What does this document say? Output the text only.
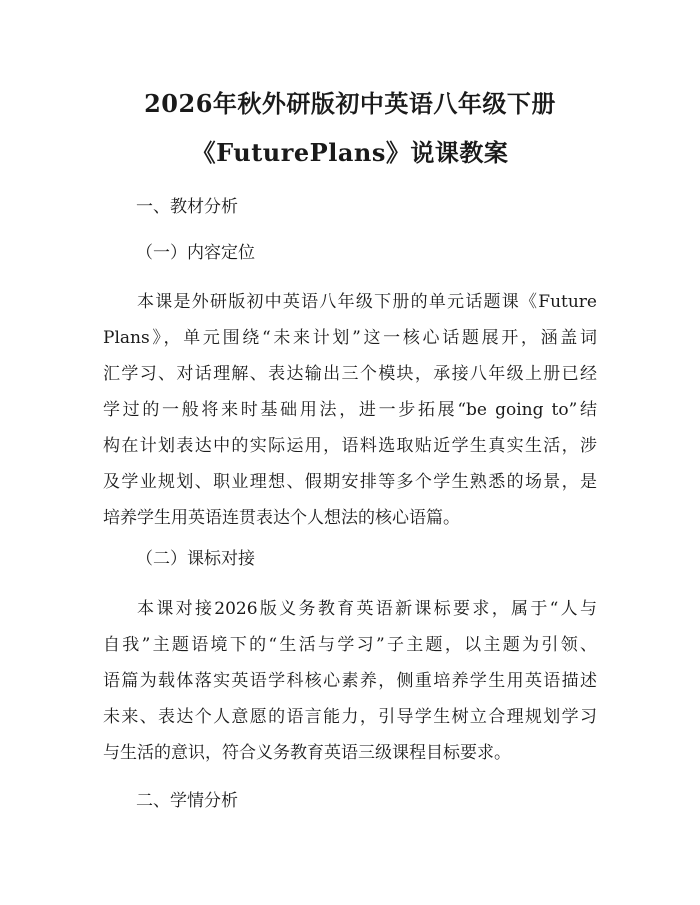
2026年秋外研版初中英语八年级下册
《FuturePlans》说课教案
一、教材分析
（一）内容定位
本课是外研版初中英语八年级下册的单元话题课《Future
Plans》，单元围绕“未来计划”这一核心话题展开，涵盖词
汇学习、对话理解、表达输出三个模块，承接八年级上册已经
学过的一般将来时基础用法，进一步拓展“be going to”结
构在计划表达中的实际运用，语料选取贴近学生真实生活，涉
及学业规划、职业理想、假期安排等多个学生熟悉的场景，是
培养学生用英语连贯表达个人想法的核心语篇。
（二）课标对接
本课对接2026版义务教育英语新课标要求，属于“人与
自我”主题语境下的“生活与学习”子主题，以主题为引领、
语篇为载体落实英语学科核心素养，侧重培养学生用英语描述
未来、表达个人意愿的语言能力，引导学生树立合理规划学习
与生活的意识，符合义务教育英语三级课程目标要求。
二、学情分析
